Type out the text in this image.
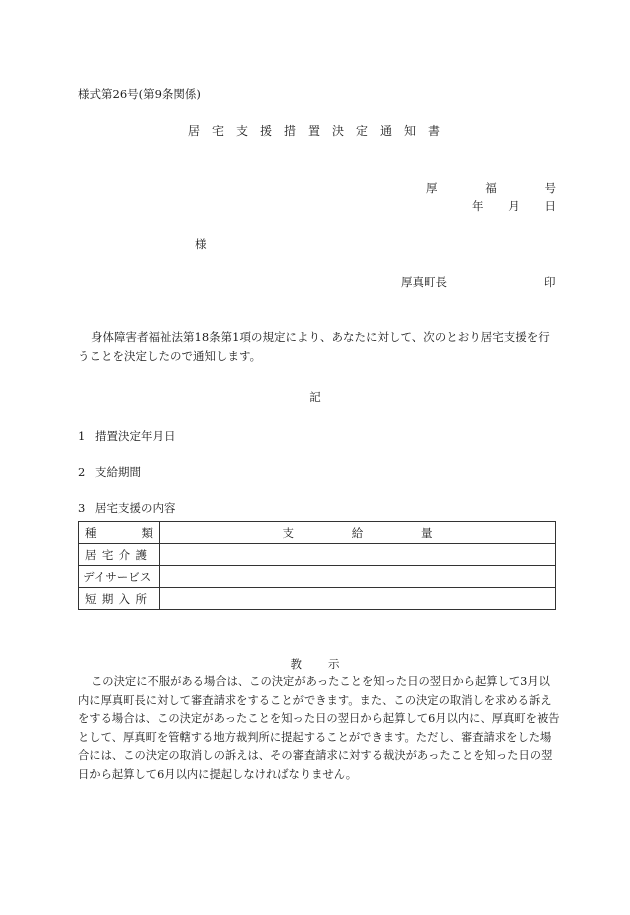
様式第26号(第9条関係)
居宅支援措置決定通知書
厚	福	号
年 月 日
様
厚真町長	印
身体障害者福祉法第18条第1項の規定により、あなたに対して、次のとおり居宅支援を行うことを決定したので通知します。
記
1 措置決定年月日
2 支給期間
3 居宅支援の内容
種 類	支 給 量

居 宅 介 護	

デイサービス	

短 期 入 所	

教 示
この決定に不服がある場合は、この決定があったことを知った日の翌日から起算して3月以内に厚真町長に対して審査請求をすることができます。また、この決定の取消しを求める訴えをする場合は、この決定があったことを知った日の翌日から起算して6月以内に、厚真町を被告として、厚真町を管轄する地方裁判所に提起することができます。ただし、審査請求をした場合には、この決定の取消しの訴えは、その審査請求に対する裁決があったことを知った日の翌日から起算して6月以内に提起しなければなりません。
